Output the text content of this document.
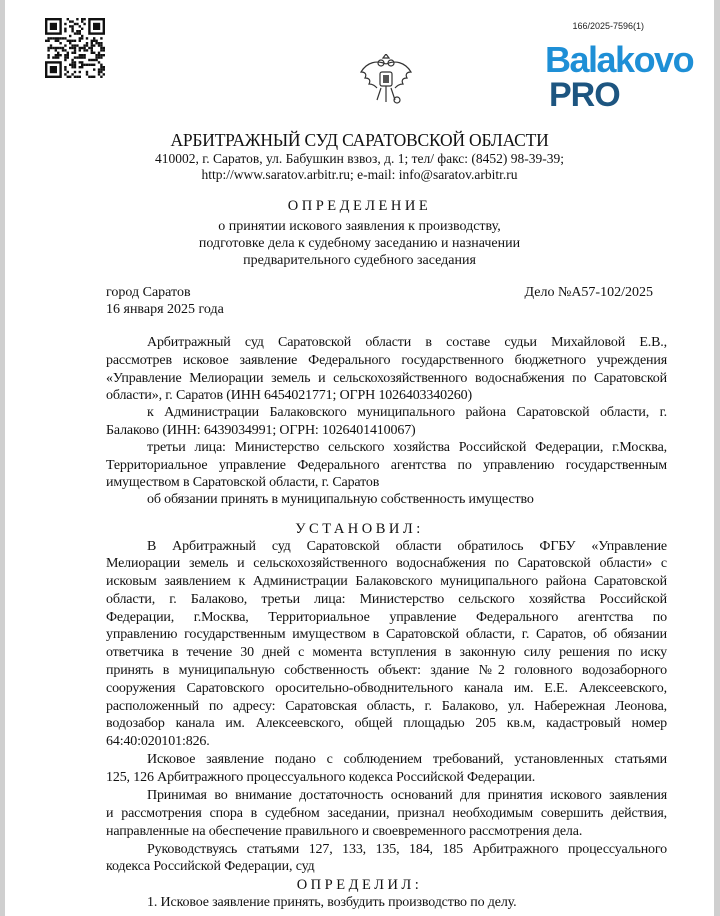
166/2025-7596(1)
Balakovo
PRO
АРБИТРАЖНЫЙ СУД САРАТОВСКОЙ ОБЛАСТИ
410002, г. Саратов, ул. Бабушкин взвоз, д. 1; тел/ факс: (8452) 98-39-39;
http://www.saratov.arbitr.ru; e-mail: info@saratov.arbitr.ru
ОПРЕДЕЛЕНИЕ
о принятии искового заявления к производству,
подготовке дела к судебному заседанию и назначении
предварительного судебного заседания
город Саратов
16 января 2025 года
Дело №А57-102/2025
Арбитражный суд Саратовской области в составе судьи Михайловой Е.В.,
рассмотрев исковое заявление Федерального государственного бюджетного учреждения
«Управление Мелиорации земель и сельскохозяйственного водоснабжения по Саратовской
области», г. Саратов (ИНН 6454021771; ОГРН 1026403340260)
к Администрации Балаковского муниципального района Саратовской области, г.
Балаково (ИНН: 6439034991; ОГРН: 1026401410067)
третьи лица: Министерство сельского хозяйства Российской Федерации, г.Москва,
Территориальное управление Федерального агентства по управлению государственным
имуществом в Саратовской области, г. Саратов
об обязании принять в муниципальную собственность имущество
УСТАНОВИЛ:
В Арбитражный суд Саратовской области обратилось ФГБУ «Управление
Мелиорации земель и сельскохозяйственного водоснабжения по Саратовской области» с
исковым заявлением к Администрации Балаковского муниципального района Саратовской
области, г. Балаково, третьи лица: Министерство сельского хозяйства Российской
Федерации, г.Москва, Территориальное управление Федерального агентства по
управлению государственным имуществом в Саратовской области, г. Саратов, об обязании
ответчика в течение 30 дней с момента вступления в законную силу решения по иску
принять в муниципальную собственность объект: здание №2 головного водозаборного
сооружения Саратовского оросительно-обводнительного канала им. Е.Е. Алексеевского,
расположенный по адресу: Саратовская область, г. Балаково, ул. Набережная Леонова,
водозабор канала им. Алексеевского, общей площадью 205 кв.м, кадастровый номер
64:40:020101:826.
Исковое заявление подано с соблюдением требований, установленных статьями
125, 126 Арбитражного процессуального кодекса Российской Федерации.
Принимая во внимание достаточность оснований для принятия искового заявления
и рассмотрения спора в судебном заседании, признал необходимым совершить действия,
направленные на обеспечение правильного и своевременного рассмотрения дела.
Руководствуясь статьями 127, 133, 135, 184, 185 Арбитражного процессуального
кодекса Российской Федерации, суд
ОПРЕДЕЛИЛ:
1. Исковое заявление принять, возбудить производство по делу.
